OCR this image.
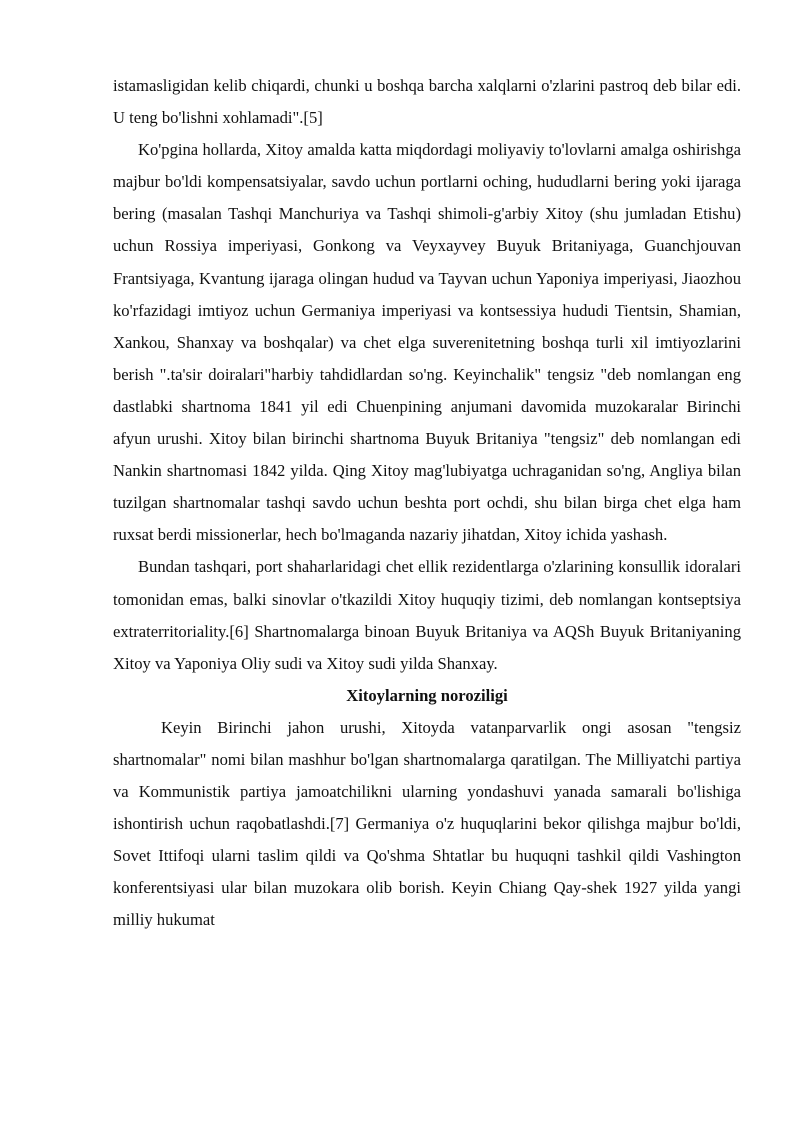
istamasligidan kelib chiqardi, chunki u boshqa barcha xalqlarni o'zlarini pastroq deb bilar edi. U teng bo'lishni xohlamadi".[5]

Ko'pgina hollarda, Xitoy amalda katta miqdordagi moliyaviy to'lovlarni amalga oshirishga majbur bo'ldi kompensatsiyalar, savdo uchun portlarni oching, hududlarni bering yoki ijaraga bering (masalan Tashqi Manchuriya va Tashqi shimoli-g'arbiy Xitoy (shu jumladan Etishu) uchun Rossiya imperiyasi, Gonkong va Veyxayvey Buyuk Britaniyaga, Guanchjouvan Frantsiyaga, Kvantung ijaraga olingan hudud va Tayvan uchun Yaponiya imperiyasi, Jiaozhou ko'rfazidagi imtiyoz uchun Germaniya imperiyasi va kontsessiya hududi Tientsin, Shamian, Xankou, Shanxay va boshqalar) va chet elga suverenitetning boshqa turli xil imtiyozlarini berish ".ta'sir doiralari"harbiy tahdidlardan so'ng. Keyinchalik" tengsiz "deb nomlangan eng dastlabki shartnoma 1841 yil edi Chuenpining anjumani davomida muzokaralar Birinchi afyun urushi. Xitoy bilan birinchi shartnoma Buyuk Britaniya "tengsiz" deb nomlangan edi Nankin shartnomasi 1842 yilda. Qing Xitoy mag'lubiyatga uchraganidan so'ng, Angliya bilan tuzilgan shartnomalar tashqi savdo uchun beshta port ochdi, shu bilan birga chet elga ham ruxsat berdi missionerlar, hech bo'lmaganda nazariy jihatdan, Xitoy ichida yashash.

Bundan tashqari, port shaharlaridagi chet ellik rezidentlarga o'zlarining konsullik idoralari tomonidan emas, balki sinovlar o'tkazildi Xitoy huquqiy tizimi, deb nomlangan kontseptsiya extraterritoriality.[6] Shartnomalarga binoan Buyuk Britaniya va AQSh Buyuk Britaniyaning Xitoy va Yaponiya Oliy sudi va Xitoy sudi yilda Shanxay.

Xitoylarning noroziligi

Keyin Birinchi jahon urushi, Xitoyda vatanparvarlik ongi asosan "tengsiz shartnomalar" nomi bilan mashhur bo'lgan shartnomalarga qaratilgan. The Milliyatchi partiya va Kommunistik partiya jamoatchilikni ularning yondashuvi yanada samarali bo'lishiga ishontirish uchun raqobatlashdi.[7] Germaniya o'z huquqlarini bekor qilishga majbur bo'ldi, Sovet Ittifoqi ularni taslim qildi va Qo'shma Shtatlar bu huquqni tashkil qildi Vashington konferentsiyasi ular bilan muzokara olib borish. Keyin Chiang Qay-shek 1927 yilda yangi milliy hukumat
